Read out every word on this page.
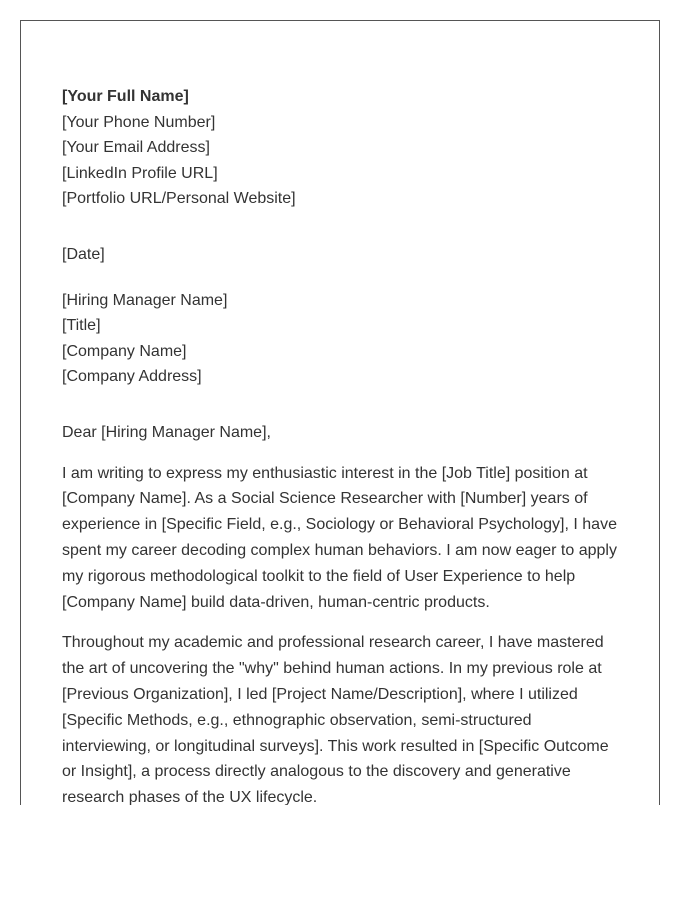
[Your Full Name]
[Your Phone Number]
[Your Email Address]
[LinkedIn Profile URL]
[Portfolio URL/Personal Website]
[Date]
[Hiring Manager Name]
[Title]
[Company Name]
[Company Address]
Dear [Hiring Manager Name],

I am writing to express my enthusiastic interest in the [Job Title] position at [Company Name]. As a Social Science Researcher with [Number] years of experience in [Specific Field, e.g., Sociology or Behavioral Psychology], I have spent my career decoding complex human behaviors. I am now eager to apply my rigorous methodological toolkit to the field of User Experience to help [Company Name] build data-driven, human-centric products.

Throughout my academic and professional research career, I have mastered the art of uncovering the "why" behind human actions. In my previous role at [Previous Organization], I led [Project Name/Description], where I utilized [Specific Methods, e.g., ethnographic observation, semi-structured interviewing, or longitudinal surveys]. This work resulted in [Specific Outcome or Insight], a process directly analogous to the discovery and generative research phases of the UX lifecycle.
